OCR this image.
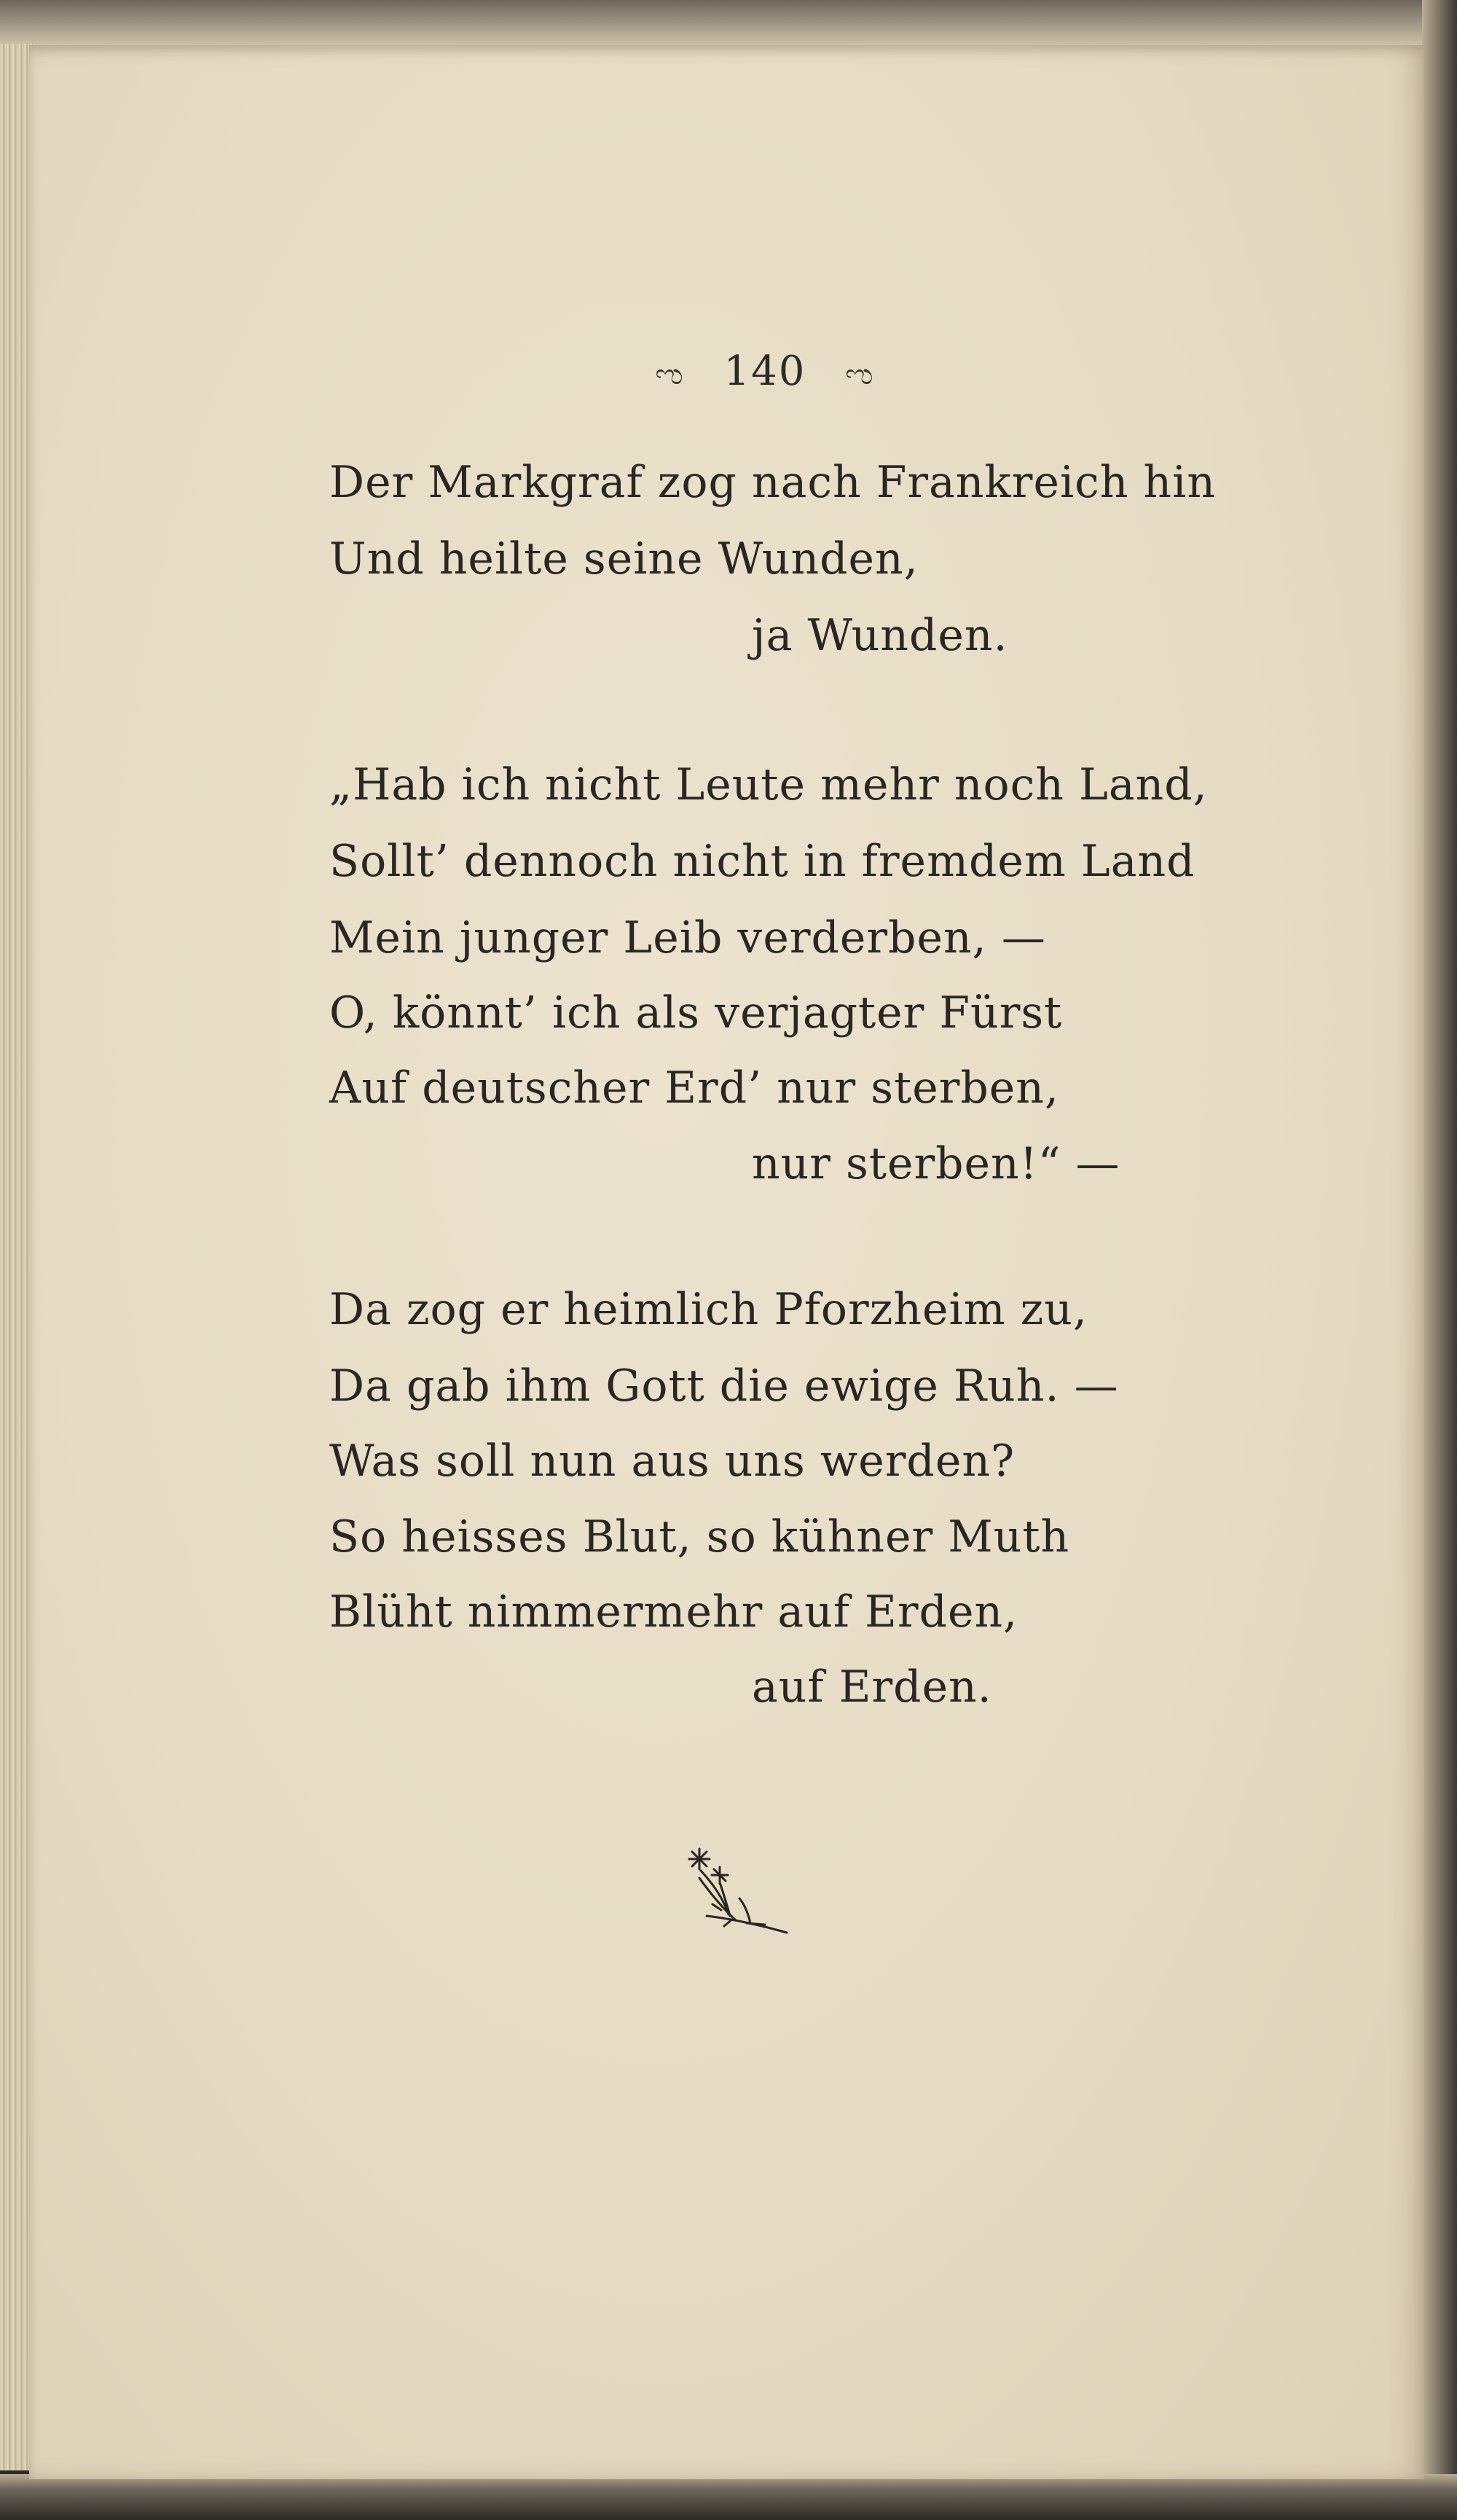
ಌ 140 ಌ
Der Markgraf zog nach Frankreich hin
Und heilte seine Wunden,
ja Wunden.
„Hab ich nicht Leute mehr noch Land,
Sollt’ dennoch nicht in fremdem Land
Mein junger Leib verderben, —
O, könnt’ ich als verjagter Fürst
Auf deutscher Erd’ nur sterben,
nur sterben!“ —
Da zog er heimlich Pforzheim zu,
Da gab ihm Gott die ewige Ruh. —
Was soll nun aus uns werden?
So heisses Blut, so kühner Muth
Blüht nimmermehr auf Erden,
auf Erden.
